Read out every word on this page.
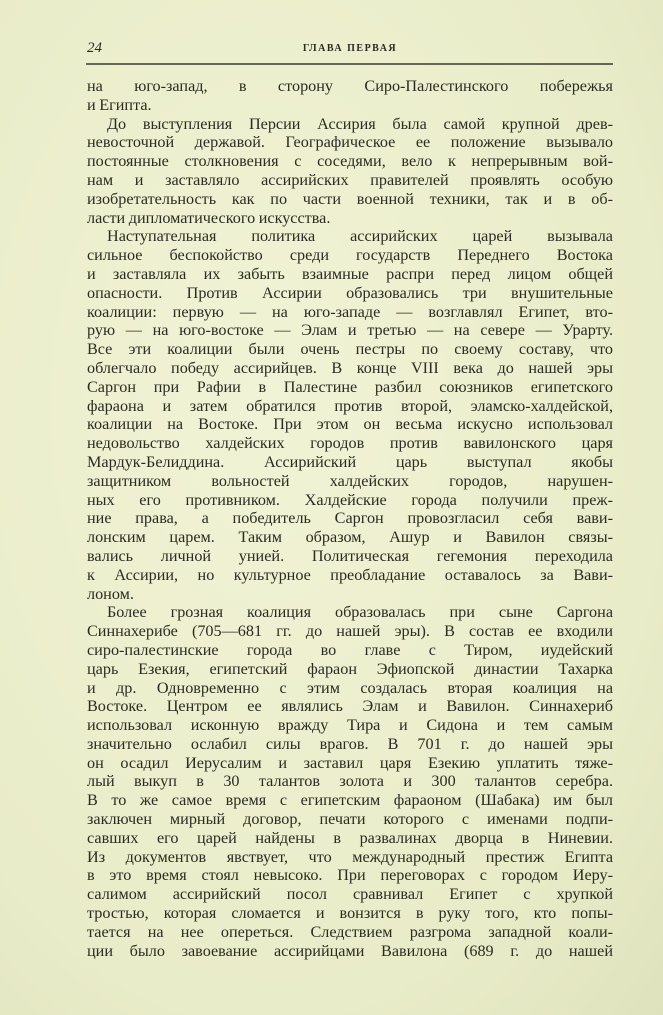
24	ГЛАВА ПЕРВАЯ
на юго-запад, в сторону Сиро-Палестинского побережья
и Египта.
До выступления Персии Ассирия была самой крупной древ-
невосточной державой. Географическое ее положение вызывало
постоянные столкновения с соседями, вело к непрерывным вой-
нам и заставляло ассирийских правителей проявлять особую
изобретательность как по части военной техники, так и в об-
ласти дипломатического искусства.
Наступательная политика ассирийских царей вызывала
сильное беспокойство среди государств Переднего Востока
и заставляла их забыть взаимные распри перед лицом общей
опасности. Против Ассирии образовались три внушительные
коалиции: первую — на юго-западе — возглавлял Египет, вто-
рую — на юго-востоке — Элам и третью — на севере — Урарту.
Все эти коалиции были очень пестры по своему составу, что
облегчало победу ассирийцев. В конце VIII века до нашей эры
Саргон при Рафии в Палестине разбил союзников египетского
фараона и затем обратился против второй, эламско-халдейской,
коалиции на Востоке. При этом он весьма искусно использовал
недовольство халдейских городов против вавилонского царя
Мардук-Белиддина. Ассирийский царь выступал якобы
защитником вольностей халдейских городов, нарушен-
ных его противником. Халдейские города получили преж-
ние права, а победитель Саргон провозгласил себя вави-
лонским царем. Таким образом, Ашур и Вавилон связы-
вались личной унией. Политическая гегемония переходила
к Ассирии, но культурное преобладание оставалось за Вави-
лоном.
Более грозная коалиция образовалась при сыне Саргона
Синнахерибе (705—681 гг. до нашей эры). В состав ее входили
сиро-палестинские города во главе с Тиром, иудейский
царь Езекия, египетский фараон Эфиопской династии Тахарка
и др. Одновременно с этим создалась вторая коалиция на
Востоке. Центром ее являлись Элам и Вавилон. Синнахериб
использовал исконную вражду Тира и Сидона и тем самым
значительно ослабил силы врагов. В 701 г. до нашей эры
он осадил Иерусалим и заставил царя Езекию уплатить тяже-
лый выкуп в 30 талантов золота и 300 талантов серебра.
В то же самое время с египетским фараоном (Шабака) им был
заключен мирный договор, печати которого с именами подпи-
савших его царей найдены в развалинах дворца в Ниневии.
Из документов явствует, что международный престиж Египта
в это время стоял невысоко. При переговорах с городом Иеру-
салимом ассирийский посол сравнивал Египет с хрупкой
тростью, которая сломается и вонзится в руку того, кто попы-
тается на нее опереться. Следствием разгрома западной коали-
ции было завоевание ассирийцами Вавилона (689 г. до нашей
